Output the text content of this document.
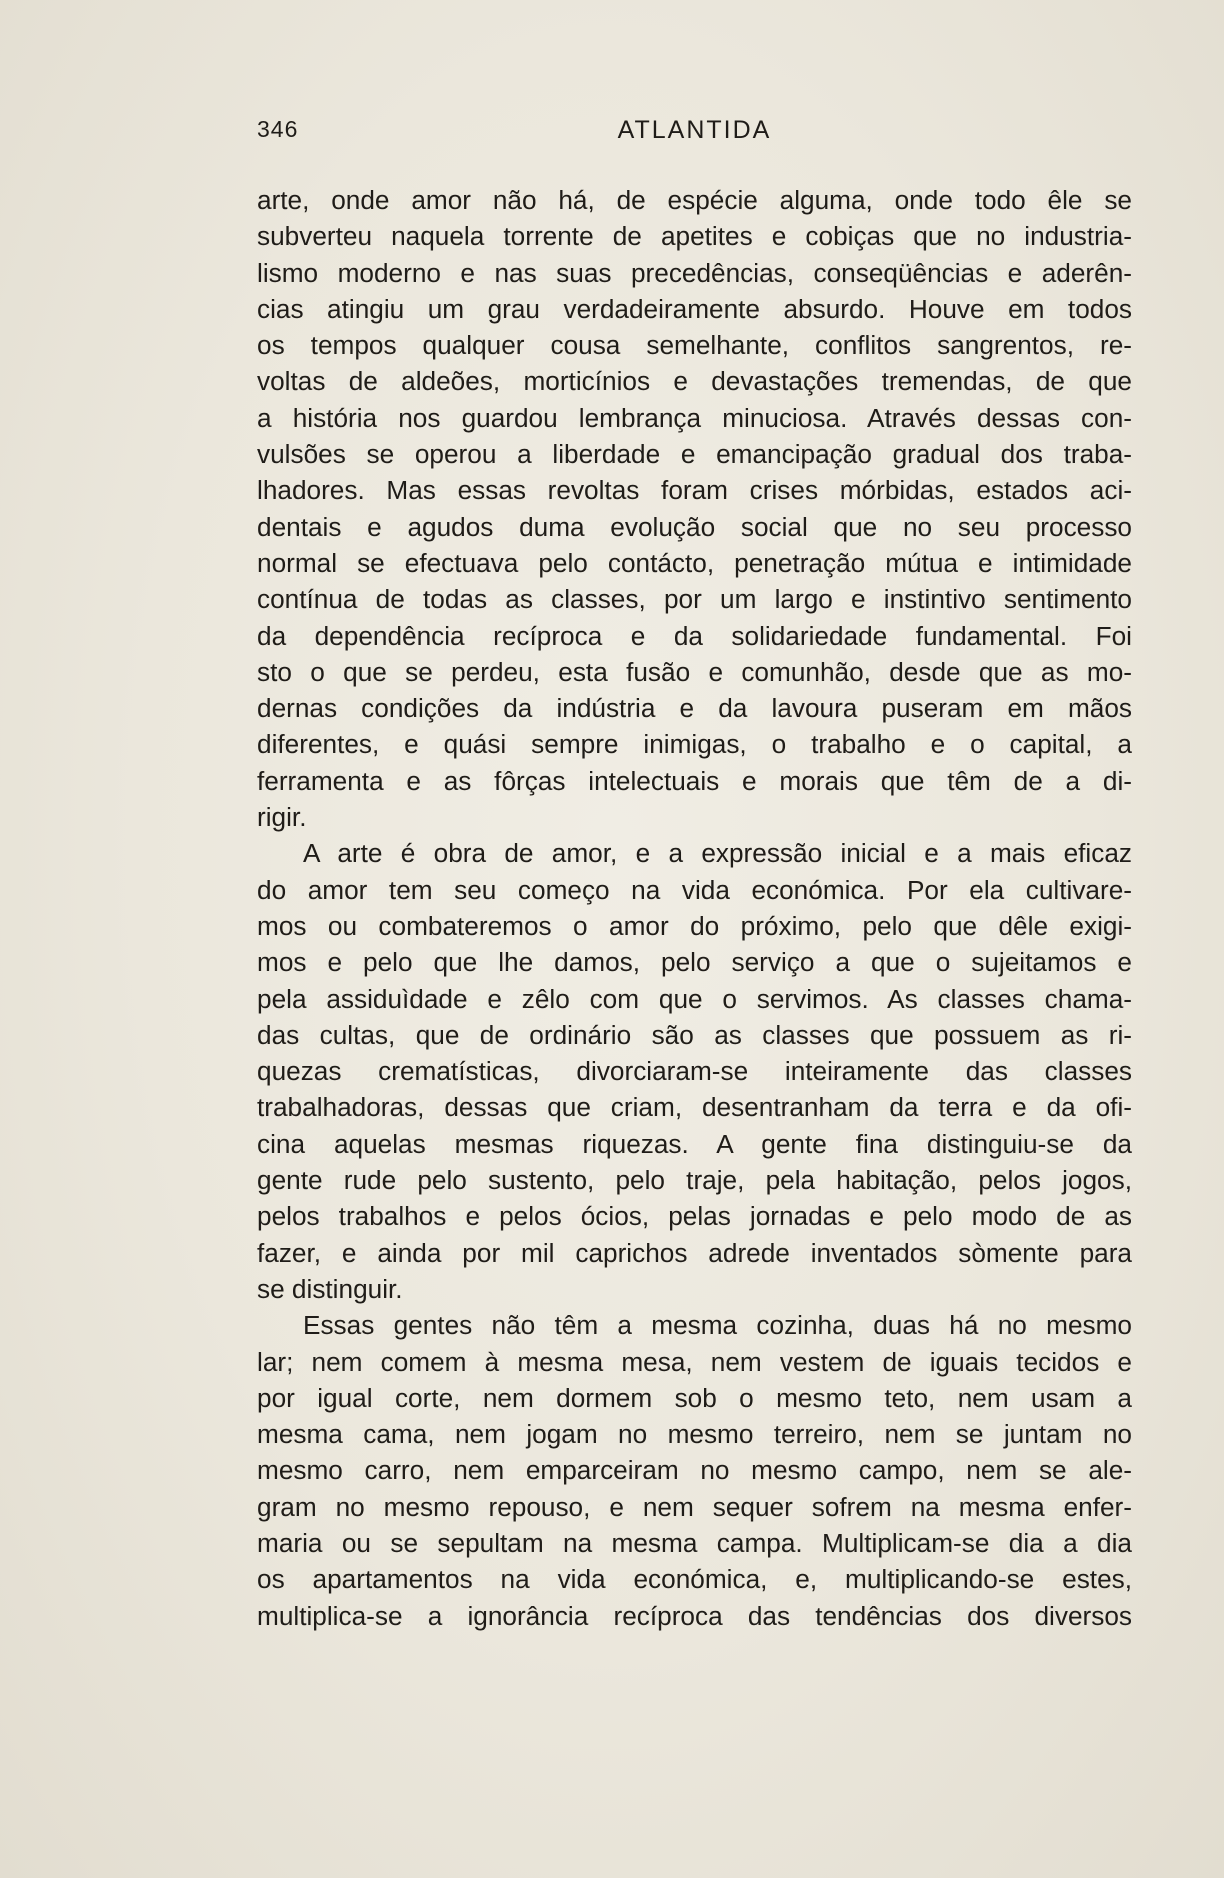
346	ATLANTIDA
arte, onde amor não há, de espécie alguma, onde todo êle se
subverteu naquela torrente de apetites e cobiças que no industria-
lismo moderno e nas suas precedências, conseqüências e aderên-
cias atingiu um grau verdadeiramente absurdo. Houve em todos
os tempos qualquer cousa semelhante, conflitos sangrentos, re-
voltas de aldeões, morticínios e devastações tremendas, de que
a história nos guardou lembrança minuciosa. Através dessas con-
vulsões se operou a liberdade e emancipação gradual dos traba-
lhadores. Mas essas revoltas foram crises mórbidas, estados aci-
dentais e agudos duma evolução social que no seu processo
normal se efectuava pelo contácto, penetração mútua e intimidade
contínua de todas as classes, por um largo e instintivo sentimento
da dependência recíproca e da solidariedade fundamental. Foi
sto o que se perdeu, esta fusão e comunhão, desde que as mo-
dernas condições da indústria e da lavoura puseram em mãos
diferentes, e quási sempre inimigas, o trabalho e o capital, a
ferramenta e as fôrças intelectuais e morais que têm de a di-
rigir.
A arte é obra de amor, e a expressão inicial e a mais eficaz
do amor tem seu começo na vida económica. Por ela cultivare-
mos ou combateremos o amor do próximo, pelo que dêle exigi-
mos e pelo que lhe damos, pelo serviço a que o sujeitamos e
pela assiduìdade e zêlo com que o servimos. As classes chama-
das cultas, que de ordinário são as classes que possuem as ri-
quezas crematísticas, divorciaram-se inteiramente das classes
trabalhadoras, dessas que criam, desentranham da terra e da ofi-
cina aquelas mesmas riquezas. A gente fina distinguiu-se da
gente rude pelo sustento, pelo traje, pela habitação, pelos jogos,
pelos trabalhos e pelos ócios, pelas jornadas e pelo modo de as
fazer, e ainda por mil caprichos adrede inventados sòmente para
se distinguir.
Essas gentes não têm a mesma cozinha, duas há no mesmo
lar; nem comem à mesma mesa, nem vestem de iguais tecidos e
por igual corte, nem dormem sob o mesmo teto, nem usam a
mesma cama, nem jogam no mesmo terreiro, nem se juntam no
mesmo carro, nem emparceiram no mesmo campo, nem se ale-
gram no mesmo repouso, e nem sequer sofrem na mesma enfer-
maria ou se sepultam na mesma campa. Multiplicam-se dia a dia
os apartamentos na vida económica, e, multiplicando-se estes,
multiplica-se a ignorância recíproca das tendências dos diversos
